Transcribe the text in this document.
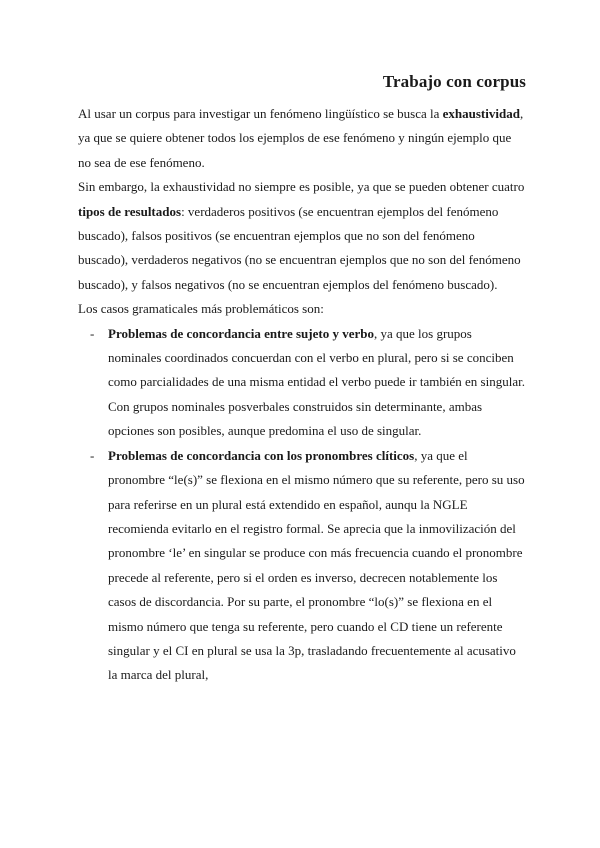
Trabajo con corpus

Al usar un corpus para investigar un fenómeno lingüístico se busca la exhaustividad, ya que se quiere obtener todos los ejemplos de ese fenómeno y ningún ejemplo que no sea de ese fenómeno.

Sin embargo, la exhaustividad no siempre es posible, ya que se pueden obtener cuatro tipos de resultados: verdaderos positivos (se encuentran ejemplos del fenómeno buscado), falsos positivos (se encuentran ejemplos que no son del fenómeno buscado), verdaderos negativos (no se encuentran ejemplos que no son del fenómeno buscado), y falsos negativos (no se encuentran ejemplos del fenómeno buscado).

Los casos gramaticales más problemáticos son:

- Problemas de concordancia entre sujeto y verbo, ya que los grupos nominales coordinados concuerdan con el verbo en plural, pero si se conciben como parcialidades de una misma entidad el verbo puede ir también en singular. Con grupos nominales posverbales construidos sin determinante, ambas opciones son posibles, aunque predomina el uso de singular.
- Problemas de concordancia con los pronombres clíticos, ya que el pronombre “le(s)” se flexiona en el mismo número que su referente, pero su uso para referirse en un plural está extendido en español, aunqu la NGLE recomienda evitarlo en el registro formal. Se aprecia que la inmovilización del pronombre ‘le’ en singular se produce con más frecuencia cuando el pronombre precede al referente, pero si el orden es inverso, decrecen notablemente los casos de discordancia. Por su parte, el pronombre “lo(s)” se flexiona en el mismo número que tenga su referente, pero cuando el CD tiene un referente singular y el CI en plural se usa la 3p, trasladando frecuentemente al acusativo la marca del plural,
